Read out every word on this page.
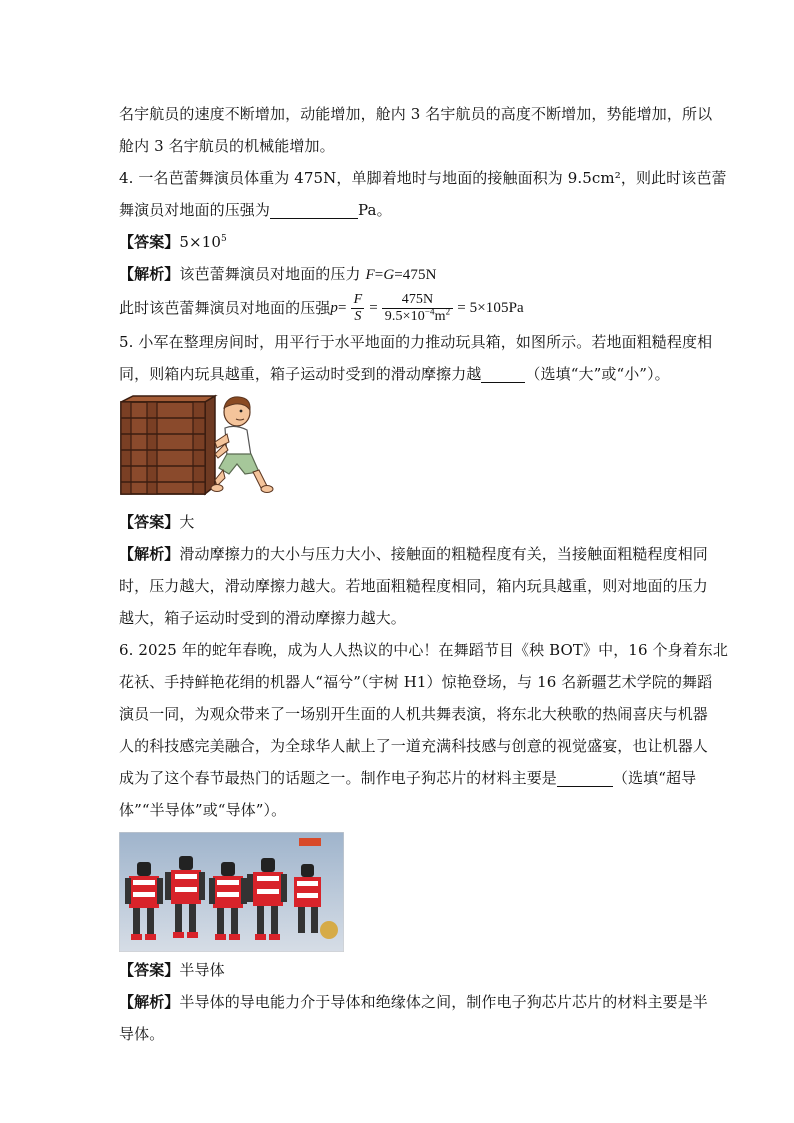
名宇航员的速度不断增加，动能增加，舱内 3 名宇航员的高度不断增加，势能增加，所以
舱内 3 名宇航员的机械能增加。
4. 一名芭蕾舞演员体重为 475N，单脚着地时与地面的接触面积为 9.5cm²，则此时该芭蕾
舞演员对地面的压强为	Pa。
【答案】$5\times 10^5$
【解析】该芭蕾舞演员对地面的压力 F=G=475N
此时该芭蕾舞演员对地面的压强 $p = \frac{F}{S} = \frac{475N}{9.5\times 10^{-4}m^2} = 5\times 10$ 5 Pa
5. 小军在整理房间时，用平行于水平地面的力推动玩具箱，如图所示。若地面粗糙程度相
同，则箱内玩具越重，箱子运动时受到的滑动摩擦力越	（选填“大”或“小”）。
【答案】大
【解析】滑动摩擦力的大小与压力大小、接触面的粗糙程度有关，当接触面粗糙程度相同
时，压力越大，滑动摩擦力越大。若地面粗糙程度相同，箱内玩具越重，则对地面的压力
越大，箱子运动时受到的滑动摩擦力越大。
6. 2025 年的蛇年春晚，成为人人热议的中心！在舞蹈节目《秧 BOT》中，16 个身着东北
花袄、手持鲜艳花绢的机器人“福兮”（宇树 H1）惊艳登场，与 16 名新疆艺术学院的舞蹈
演员一同，为观众带来了一场别开生面的人机共舞表演，将东北大秧歌的热闹喜庆与机器
人的科技感完美融合，为全球华人献上了一道充满科技感与创意的视觉盛宴，也让机器人
成为了这个春节最热门的话题之一。制作电子狗芯片的材料主要是	（选填“超导
体”“半导体”或“导体”）。
【答案】半导体
【解析】半导体的导电能力介于导体和绝缘体之间，制作电子狗芯片芯片的材料主要是半
导体。
